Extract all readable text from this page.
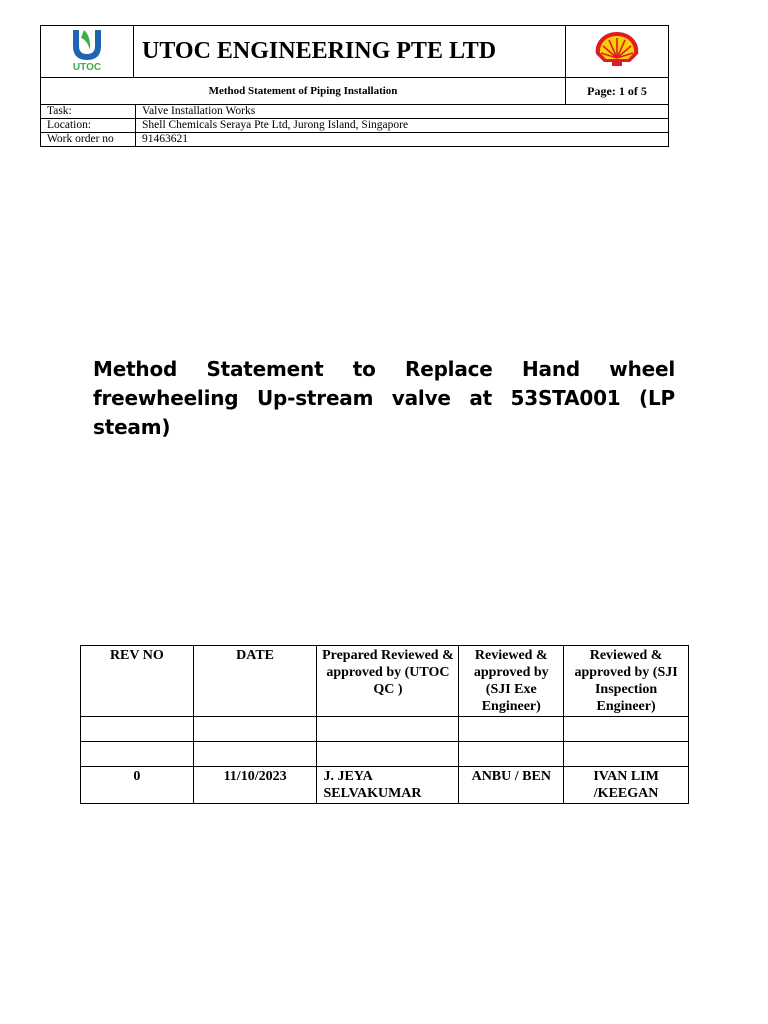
UTOC	UTOC ENGINEERING PTE LTD	
Method Statement of Piping Installation		Page: 1 of 5
Task:	Valve Installation Works
Location:	Shell Chemicals Seraya Pte Ltd, Jurong Island, Singapore
Work order no	91463621
Method Statement to Replace Hand wheel
freewheeling Up-stream valve at 53STA001 (LP steam)
REV NO	DATE	Prepared Reviewed & approved by (UTOC QC )	Reviewed & approved by (SJI Exe Engineer)	Reviewed & approved by (SJI Inspection Engineer)

0	11/10/2023	J. JEYA SELVAKUMAR	ANBU / BEN	IVAN LIM /KEEGAN
